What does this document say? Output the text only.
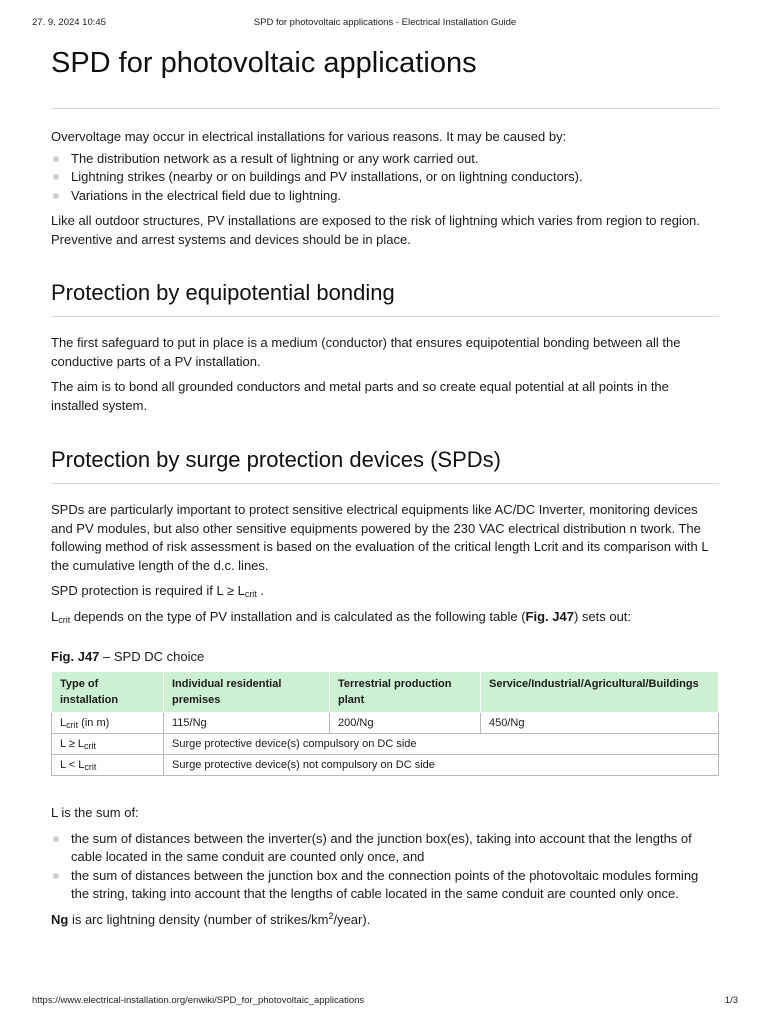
27. 9. 2024 10:45	SPD for photovoltaic applications - Electrical Installation Guide
SPD for photovoltaic applications

Overvoltage may occur in electrical installations for various reasons. It may be caused by:

The distribution network as a result of lightning or any work carried out.
Lightning strikes (nearby or on buildings and PV installations, or on lightning conductors).
Variations in the electrical field due to lightning.

Like all outdoor structures, PV installations are exposed to the risk of lightning which varies from region to region. Preventive and arrest systems and devices should be in place.

Protection by equipotential bonding

The first safeguard to put in place is a medium (conductor) that ensures equipotential bonding between all the conductive parts of a PV installation.

The aim is to bond all grounded conductors and metal parts and so create equal potential at all points in the installed system.

Protection by surge protection devices (SPDs)

SPDs are particularly important to protect sensitive electrical equipments like AC/DC Inverter, monitoring devices and PV modules, but also other sensitive equipments powered by the 230 VAC electrical distribution n twork. The following method of risk assessment is based on the evaluation of the critical length Lcrit and its comparison with L the cumulative length of the d.c. lines.

SPD protection is required if $L \ge L_{crit}$ .

$L_{crit}$ depends on the type of PV installation and is calculated as the following table (Fig. J47) sets out:

Fig. J47 – SPD DC choice

Type of installation	Individual residential premises	Terrestrial production plant	Service/Industrial/Agricultural/Buildings
$L_{crit}$ (in m)	115/Ng	200/Ng	450/Ng
$L \ge L_{crit}$	Surge protective device(s) compulsory on DC side		
$L < L_{crit}$	Surge protective device(s) not compulsory on DC side		

L is the sum of:

the sum of distances between the inverter(s) and the junction box(es), taking into account that the lengths of cable located in the same conduit are counted only once, and
the sum of distances between the junction box and the connection points of the photovoltaic modules forming the string, taking into account that the lengths of cable located in the same conduit are counted only once.

Ng is arc lightning density (number of strikes/$km^2/year$).

https://www.electrical-installation.org/enwiki/SPD_for_photovoltaic_applications	1/3
